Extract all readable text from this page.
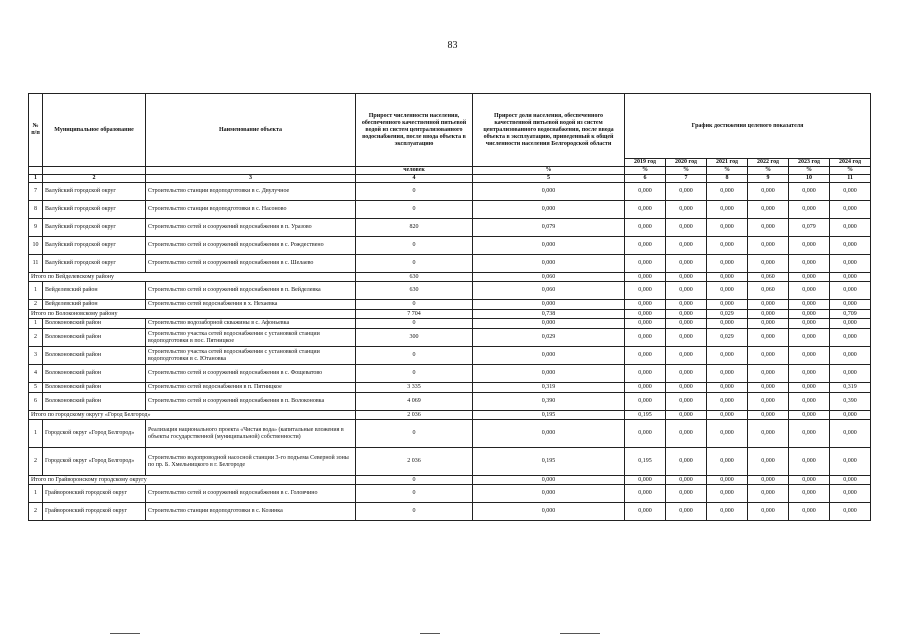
83
№ п/п	Муниципальное образование	Наименование объекта	Прирост численности населения, обеспеченного качественной питьевой водой из систем централизованного водоснабжения, после ввода объекта в эксплуатацию	Прирост доли населения, обеспеченного качественной питьевой водой из систем централизованного водоснабжения, после ввода объекта в эксплуатацию, приведенный к общей численности населения Белгородской области	График достижения целевого показателя					
					2019 год	2020 год	2021 год	2022 год	2023 год	2024 год
			человек	%	%	%	%	%	%	%
1	2	3	4	5	6	7	8	9	10	11
7	Валуйский городской округ	Строительство станции водоподготовки в с. Двулучное	0	0,000	0,000	0,000	0,000	0,000	0,000	0,000
8	Валуйский городской округ	Строительство станции водоподготовки в с. Насоново	0	0,000	0,000	0,000	0,000	0,000	0,000	0,000
9	Валуйский городской округ	Строительство сетей и сооружений водоснабжения в п. Уразово	820	0,079	0,000	0,000	0,000	0,000	0,079	0,000
10	Валуйский городской округ	Строительство сетей и сооружений водоснабжения в с. Рождествено	0	0,000	0,000	0,000	0,000	0,000	0,000	0,000
11	Валуйский городской округ	Строительство сетей и сооружений водоснабжения в с. Шелаево	0	0,000	0,000	0,000	0,000	0,000	0,000	0,000
Итого по Вейделевскому району			630	0,060	0,000	0,000	0,000	0,060	0,000	0,000
1	Вейделевский район	Строительство сетей и сооружений водоснабжения в п. Вейделевка	630	0,060	0,000	0,000	0,000	0,060	0,000	0,000
2	Вейделевский район	Строительство сетей водоснабжения в х. Нехаевка	0	0,000	0,000	0,000	0,000	0,000	0,000	0,000
Итого по Волоконовскому району			7 704	0,738	0,000	0,000	0,029	0,000	0,000	0,709
1	Волоконовский район	Строительство водозаборной скважины в с. Афоньевка	0	0,000	0,000	0,000	0,000	0,000	0,000	0,000
2	Волоконовский район	Строительство участка сетей водоснабжения с установкой станции водоподготовки в пос. Пятницкое	300	0,029	0,000	0,000	0,029	0,000	0,000	0,000
3	Волоконовский район	Строительство участка сетей водоснабжения с установкой станции водоподготовки в с. Ютановка	0	0,000	0,000	0,000	0,000	0,000	0,000	0,000
4	Волоконовский район	Строительство сетей и сооружений водоснабжения в с. Фощеватово	0	0,000	0,000	0,000	0,000	0,000	0,000	0,000
5	Волоконовский район	Строительство сетей водоснабжения в п. Пятницкое	3 335	0,319	0,000	0,000	0,000	0,000	0,000	0,319
6	Волоконовский район	Строительство сетей и сооружений водоснабжения в п. Волоконовка	4 069	0,390	0,000	0,000	0,000	0,000	0,000	0,390
Итого по городскому округу «Город Белгород»			2 036	0,195	0,195	0,000	0,000	0,000	0,000	0,000
1	Городской округ «Город Белгород»	Реализация национального проекта «Чистая вода» (капитальные вложения в объекты государственной (муниципальной) собственности)	0	0,000	0,000	0,000	0,000	0,000	0,000	0,000
2	Городской округ «Город Белгород»	Строительство водопроводной насосной станции 3-го подъема Северной зоны по пр. Б. Хмельницкого в г. Белгороде	2 036	0,195	0,195	0,000	0,000	0,000	0,000	0,000
Итого по Грайворонскому городскому округу			0	0,000	0,000	0,000	0,000	0,000	0,000	0,000
1	Грайворонский городской округ	Строительство сетей и сооружений водоснабжения в с. Головчино	0	0,000	0,000	0,000	0,000	0,000	0,000	0,000
2	Грайворонский городской округ	Строительство станции водоподготовки в с. Козинка	0	0,000	0,000	0,000	0,000	0,000	0,000	0,000
